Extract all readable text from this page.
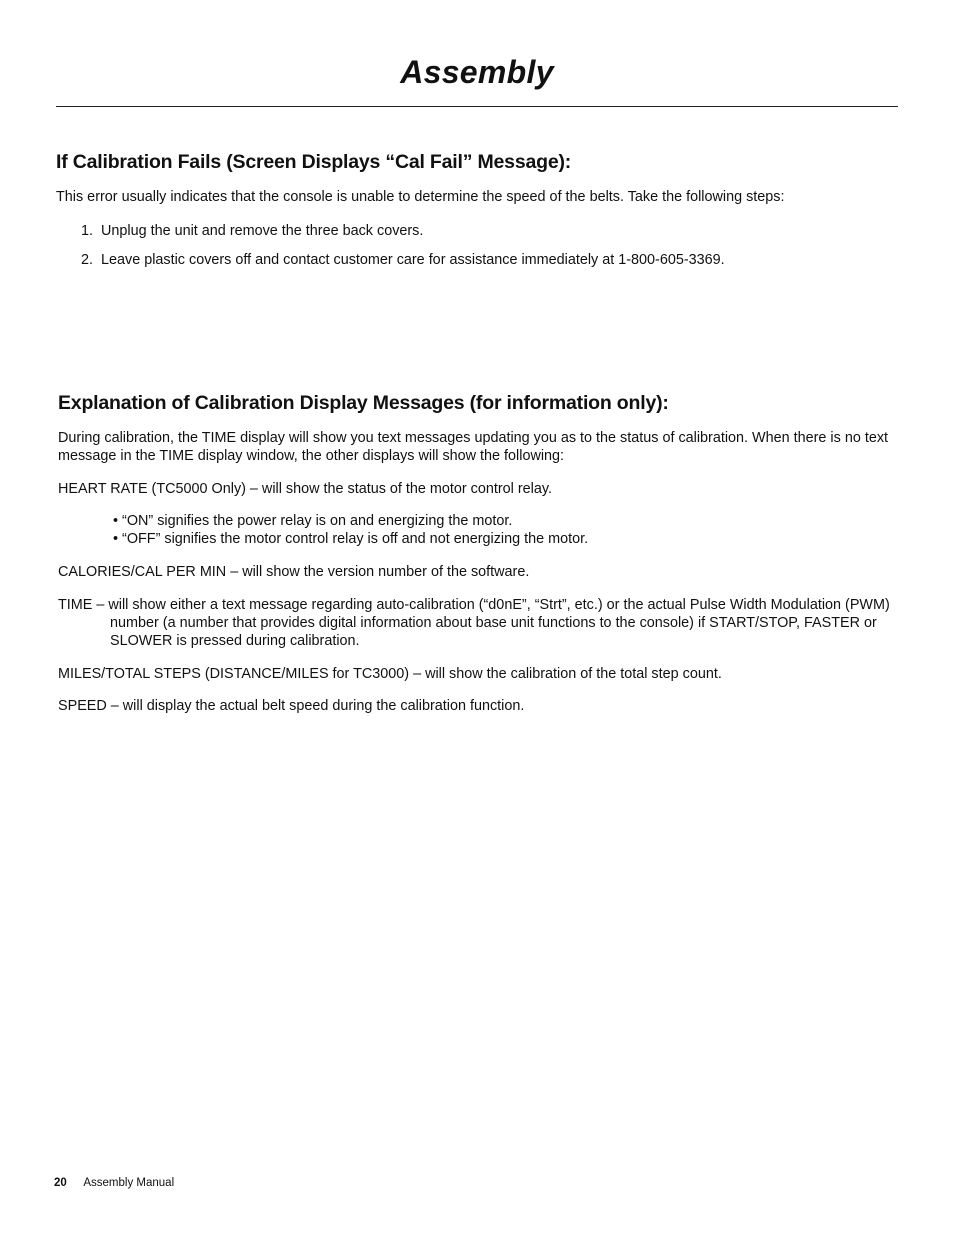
Assembly
If Calibration Fails (Screen Displays “Cal Fail” Message):

This error usually indicates that the console is unable to determine the speed of the belts. Take the following steps:

1. Unplug the unit and remove the three back covers.
2. Leave plastic covers off and contact customer care for assistance immediately at 1-800-605-3369.
Explanation of Calibration Display Messages (for information only):

During calibration, the TIME display will show you text messages updating you as to the status of calibration. When there is no text message in the TIME display window, the other displays will show the following:

HEART RATE (TC5000 Only) – will show the status of the motor control relay.

• “ON” signifies the power relay is on and energizing the motor.
• “OFF” signifies the motor control relay is off and not energizing the motor.

CALORIES/CAL PER MIN – will show the version number of the software.

TIME – will show either a text message regarding auto-calibration (“d0nE”, “Strt”, etc.) or the actual Pulse Width Modulation (PWM) number (a number that provides digital information about base unit functions to the console) if START/STOP, FASTER or SLOWER is pressed during calibration.

MILES/TOTAL STEPS (DISTANCE/MILES for TC3000) – will show the calibration of the total step count.

SPEED – will display the actual belt speed during the calibration function.

20 Assembly Manual
